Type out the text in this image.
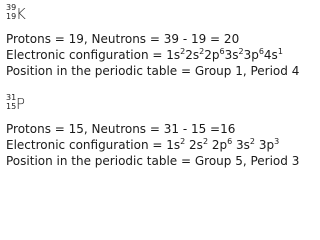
39
19 K
Protons = 19, Neutrons = 39 - 19 = 20
Electronic configuration = $1s^22s^22p^63s^23p^64s^1$
Position in the periodic table = Group 1, Period 4
31
15 P
Protons = 15, Neutrons = 31 - 15 =16
Electronic configuration = $1s^2$ $2s^2$ $2p^6$ $3s^2$ $3p^3$
Position in the periodic table = Group 5, Period 3
